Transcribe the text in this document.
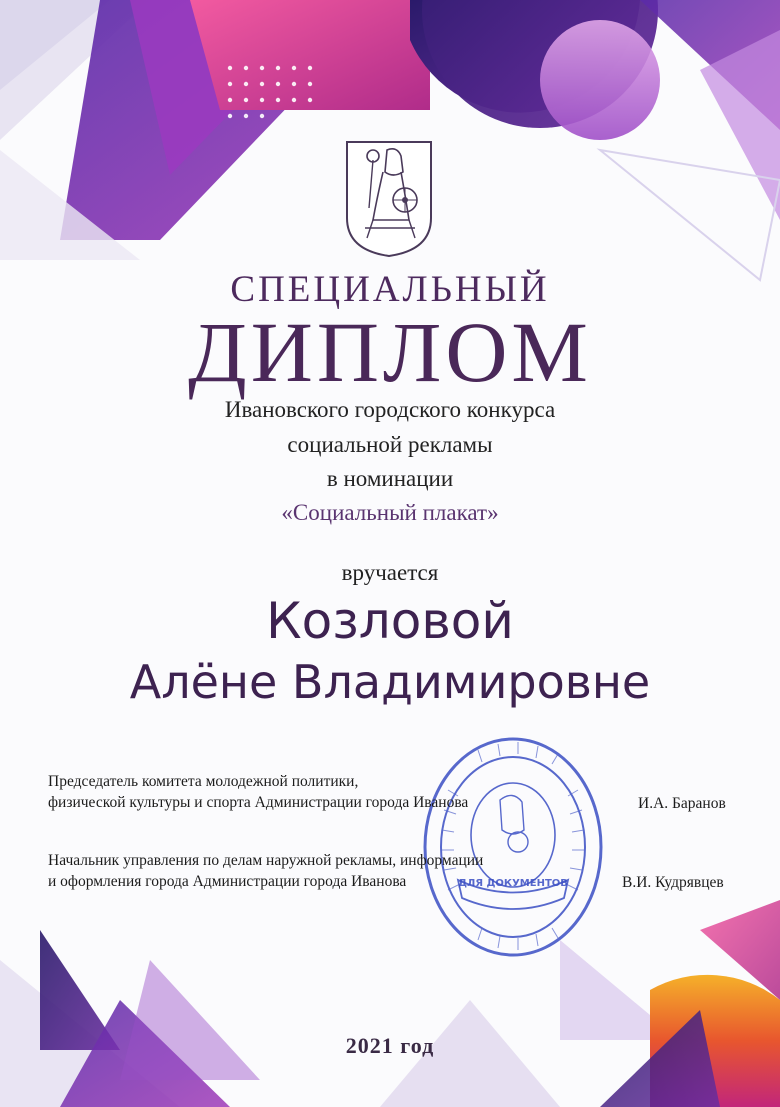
СПЕЦИАЛЬНЫЙ
ДИПЛОМ
Ивановского городского конкурса
социальной рекламы
в номинации
«Социальный плакат»
вручается
Козловой
Алёне Владимировне
ДЛЯ ДОКУМЕНТОВ
Председатель комитета молодежной политики,
физической культуры и спорта Администрации города Иванова	И.А. Баранов
Начальник управления по делам наружной рекламы, информации
и оформления города Администрации города Иванова	В.И. Кудрявцев
2021 год
